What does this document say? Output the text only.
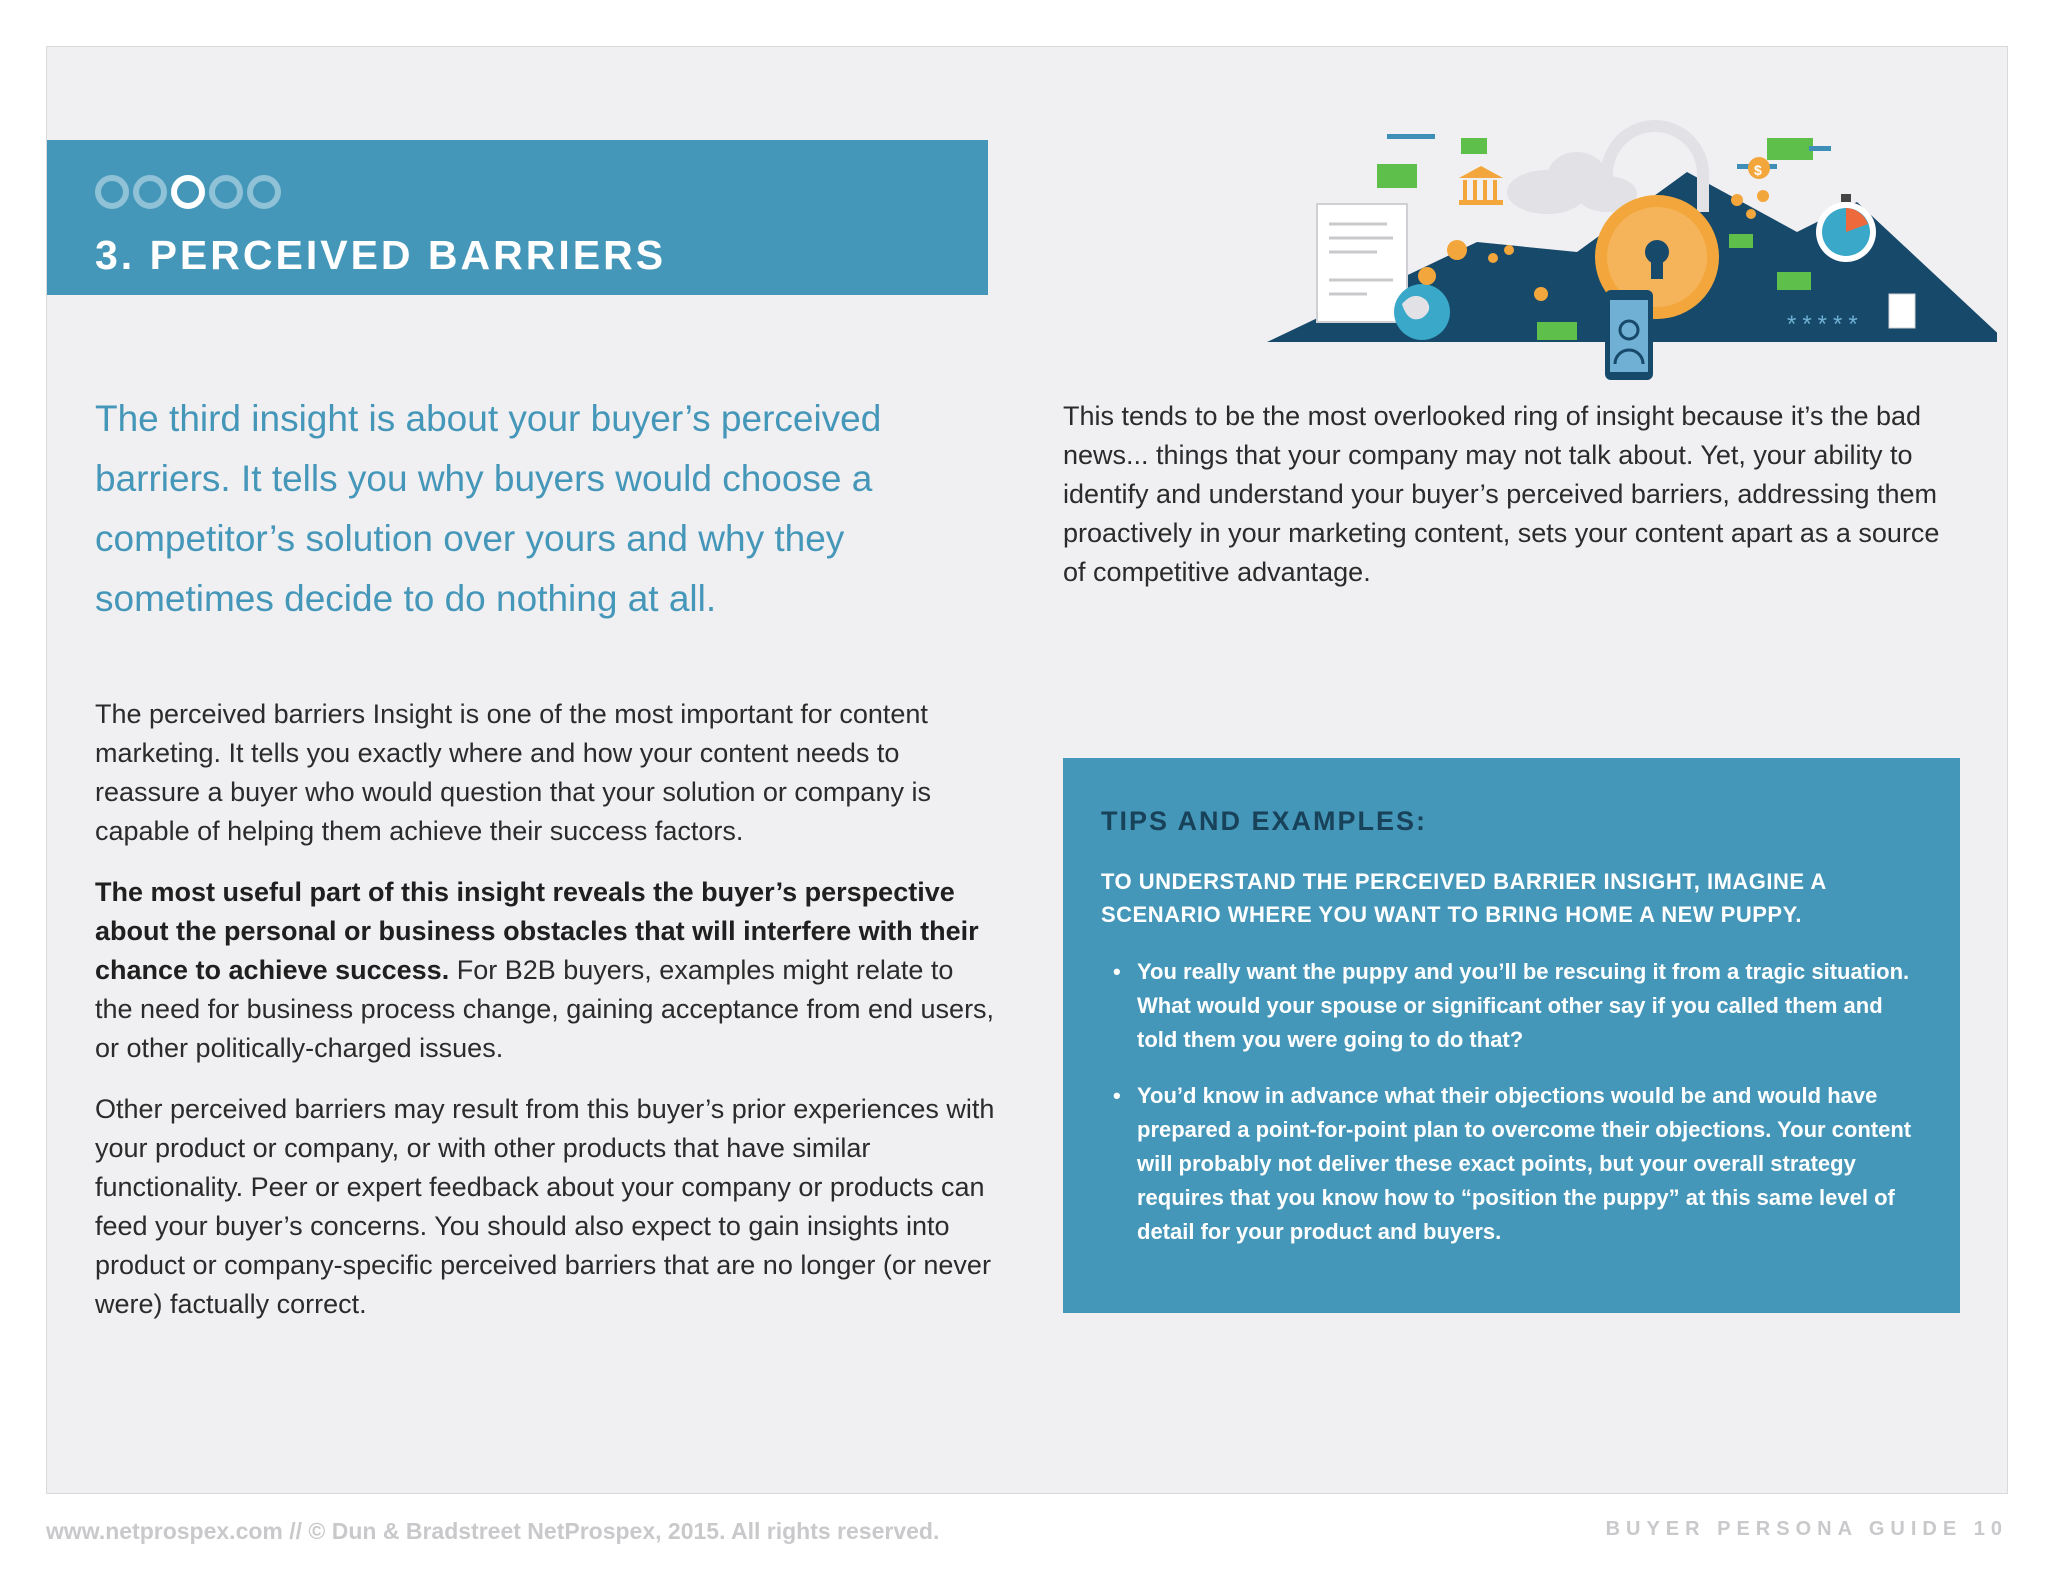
3. PERCEIVED BARRIERS
$
*****

The third insight is about your buyer’s perceived barriers. It tells you why buyers would choose a competitor’s solution over yours and why they sometimes decide to do nothing at all.

The perceived barriers Insight is one of the most important for content marketing. It tells you exactly where and how your content needs to reassure a buyer who would question that your solution or company is capable of helping them achieve their success factors.

The most useful part of this insight reveals the buyer’s perspective about the personal or business obstacles that will interfere with their chance to achieve success. For B2B buyers, examples might relate to the need for business process change, gaining acceptance from end users, or other politically-charged issues.

Other perceived barriers may result from this buyer’s prior experiences with your product or company, or with other products that have similar functionality. Peer or expert feedback about your company or products can feed your buyer’s concerns. You should also expect to gain insights into product or company-specific perceived barriers that are no longer (or never were) factually correct.

This tends to be the most overlooked ring of insight because it’s the bad news... things that your company may not talk about. Yet, your ability to identify and understand your buyer’s perceived barriers, addressing them proactively in your marketing content, sets your content apart as a source of competitive advantage.

TIPS AND EXAMPLES:
TO UNDERSTAND THE PERCEIVED BARRIER INSIGHT, IMAGINE A SCENARIO WHERE YOU WANT TO BRING HOME A NEW PUPPY.
• You really want the puppy and you’ll be rescuing it from a tragic situation. What would your spouse or significant other say if you called them and told them you were going to do that?
• You’d know in advance what their objections would be and would have prepared a point-for-point plan to overcome their objections. Your content will probably not deliver these exact points, but your overall strategy requires that you know how to “position the puppy” at this same level of detail for your product and buyers.
www.netprospex.com // © Dun & Bradstreet NetProspex, 2015. All rights reserved.	BUYER PERSONA GUIDE 10
